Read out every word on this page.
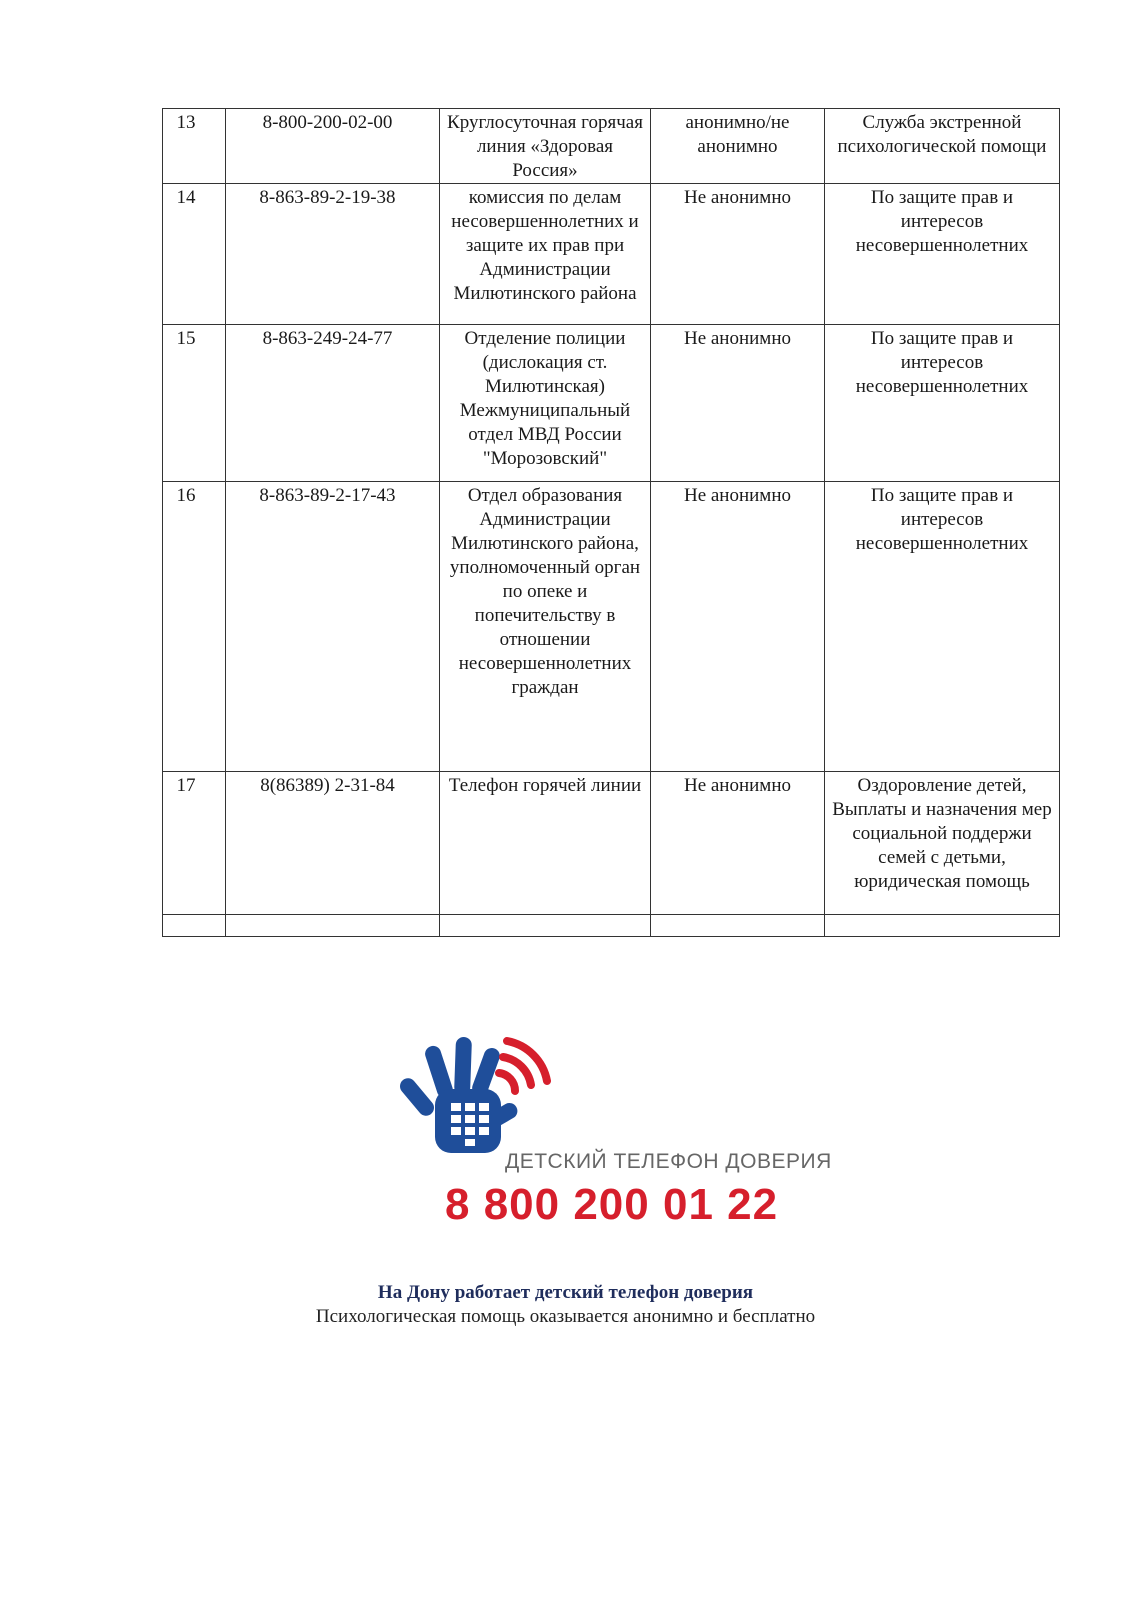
13	8-800-200-02-00	Круглосуточная горячая линия «Здоровая Россия»	анонимно/не анонимно	Служба экстренной психологической помощи
14	8-863-89-2-19-38	комиссия по делам несовершеннолетних и защите их прав при Администрации Милютинского района	Не анонимно	По защите прав и интересов несовершеннолетних
15	8-863-249-24-77	Отделение полиции (дислокация ст. Милютинская) Межмуниципальный отдел МВД России "Морозовский"	Не анонимно	По защите прав и интересов несовершеннолетних
16	8-863-89-2-17-43	Отдел образования Администрации Милютинского района, уполномоченный орган по опеке и попечительству в отношении несовершеннолетних граждан	Не анонимно	По защите прав и интересов несовершеннолетних
17	8(86389) 2-31-84	Телефон горячей линии	Не анонимно	Оздоровление детей, Выплаты и назначения мер социальной поддержи семей с детьми, юридическая помощь

ДЕТСКИЙ ТЕЛЕФОН ДОВЕРИЯ
8 800 200 01 22
На Дону работает детский телефон доверия
Психологическая помощь оказывается анонимно и бесплатно
